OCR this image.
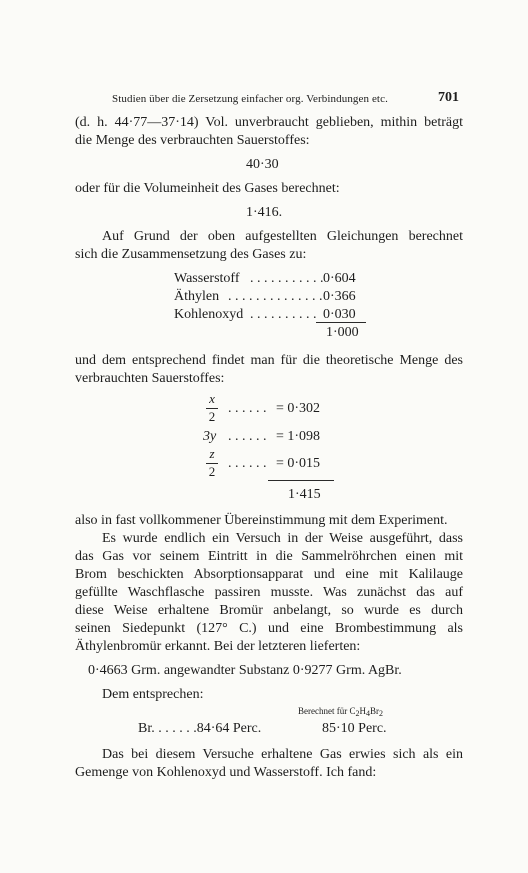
Studien über die Zersetzung einfacher org. Verbindungen etc.	701
(d. h. 44·77—37·14) Vol. unverbraucht geblieben, mithin beträgt
die Menge des verbrauchten Sauerstoffes:
40·30
oder für die Volumeinheit des Gases berechnet:
1·416.
Auf Grund der oben aufgestellten Gleichungen berechnet
sich die Zusammensetzung des Gases zu:
Wasserstoff . . . . . . . . . . . 0·604
Äthylen . . . . . . . . . . . . . . 0·366
Kohlenoxyd . . . . . . . . . . 0·030
1·000
und dem entsprechend findet man für die theoretische Menge des
verbrauchten Sauerstoffes:
x
2
. . . . . . = 0·302
3y . . . . . . = 1·098
z
2
. . . . . . = 0·015
1·415
also in fast vollkommener Übereinstimmung mit dem Experiment.
Es wurde endlich ein Versuch in der Weise ausgeführt, dass
das Gas vor seinem Eintritt in die Sammelröhrchen einen mit
Brom beschickten Absorptionsapparat und eine mit Kalilauge
gefüllte Waschflasche passiren musste. Was zunächst das auf
diese Weise erhaltene Bromür anbelangt, so wurde es durch
seinen Siedepunkt (127° C.) und eine Brombestimmung als
Äthylenbromür erkannt. Bei der letzteren lieferten:
0·4663 Grm. angewandter Substanz 0·9277 Grm. AgBr.
Dem entsprechen:
Berechnet für C2H4Br2
Br. . . . . . .84·64 Perc.	85·10 Perc.
Das bei diesem Versuche erhaltene Gas erwies sich als ein
Gemenge von Kohlenoxyd und Wasserstoff. Ich fand:
